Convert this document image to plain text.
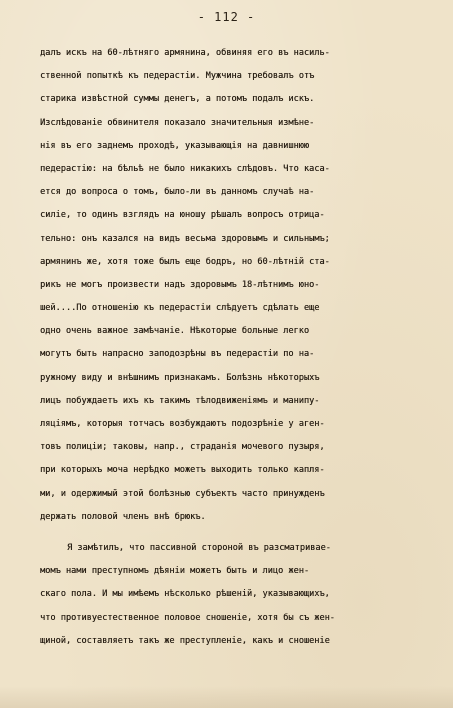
- 112 -
далъ искъ на 60-лѣтняго армянина, обвиняя его въ насиль-
ственной попыткѣ къ педерастiи. Мужчина требовалъ отъ
старика извѣстной суммы денегъ, а потомъ подалъ искъ.
Изслѣдованiе обвинителя показало значительныя измѣне-
нiя въ его заднемъ проходѣ, указывающiя на давнишнюю
педерастiю: на бѣльѣ не было никакихъ слѣдовъ. Что каса-
ется до вопроса о томъ, было-ли въ данномъ случаѣ на-
силiе, то одинъ взглядъ на юношу рѣшалъ вопросъ отрица-
тельно: онъ казался на видъ весьма здоровымъ и сильнымъ;
армянинъ же, хотя тоже былъ еще бодръ, но 60-лѣтнiй ста-
рикъ не могъ произвести надъ здоровымъ 18-лѣтнимъ юно-
шей....По отношенiю къ педерастiи слѣдуетъ сдѣлать еще
одно очень важное замѣчанiе. Нѣкоторые больные легко
могутъ быть напрасно заподозрѣны въ педерастiи по на-
ружному виду и внѣшнимъ признакамъ. Болѣзнь нѣкоторыхъ
лицъ побуждаетъ ихъ къ такимъ тѣлодвиженiямъ и манипу-
ляцiямъ, которыя тотчасъ возбуждаютъ подозрѣнiе у аген-
товъ полицiи; таковы, напр., страданiя мочевого пузыря,
при которыхъ моча нерѣдко можетъ выходить только капля-
ми, и одержимый этой болѣзнью субъектъ часто принужденъ
держать половой членъ внѣ брюкъ.
Я замѣтилъ, что пассивной стороной въ разсматривае-
момъ нами преступномъ дѣянiи можетъ быть и лицо жен-
скаго пола. И мы имѣемъ нѣсколько рѣшенiй, указывающихъ,
что противуестественное половое сношенiе, хотя бы съ жен-
щиной, составляетъ такъ же преступленiе, какъ и сношенiе
